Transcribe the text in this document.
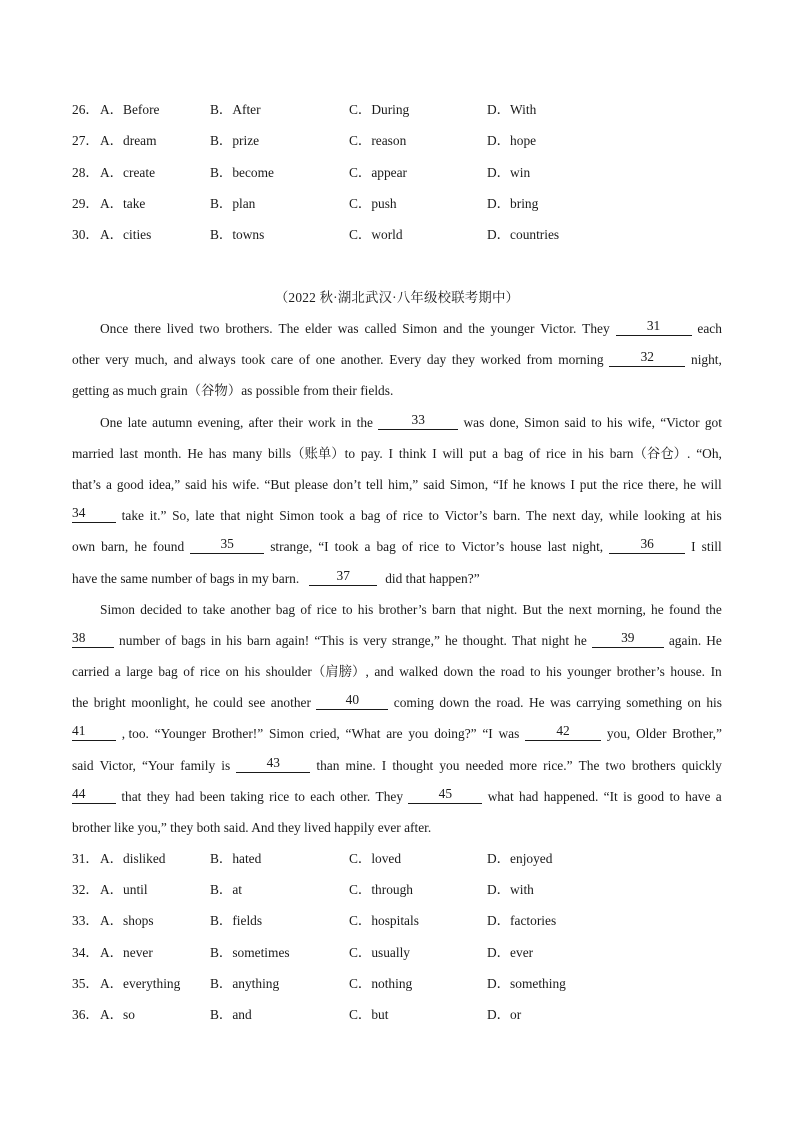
26． A．Before	B．After	C．During	D．With
27． A．dream	B．prize	C．reason	D．hope
28． A．create	B．become	C．appear	D．win
29． A．take	B．plan	C．push	D．bring
30． A．cities	B．towns	C．world	D．countries
（2022 秋·湖北武汉·八年级校联考期中）
Once there lived two brothers. The elder was called Simon and the younger Victor. They	31	each
other very much, and always took care of one another. Every day they worked from morning	32	night,
getting as much grain（谷物）as possible from their fields.
One late autumn evening, after their work in the	33	was done, Simon said to his wife, “Victor got
married last month. He has many bills（账单）to pay. I think I will put a bag of rice in his barn（谷仓）. “Oh,
that’s a good idea,” said his wife. “But please don’t tell him,” said Simon, “If he knows I put the rice there, he will
34	take it.” So, late that night Simon took a bag of rice to Victor’s barn. The next day, while looking at his
own barn, he found	35	strange, “I took a bag of rice to Victor’s house last night,	36	I still
have the same number of bags in my barn.	37	did that happen?”
Simon decided to take another bag of rice to his brother’s barn that night. But the next morning, he found the
38	number of bags in his barn again! “This is very strange,” he thought. That night he	39	again. He
carried a large bag of rice on his shoulder（肩膀）, and walked down the road to his younger brother’s house. In
the bright moonlight, he could see another	40	coming down the road. He was carrying something on his
41	, too. “Younger Brother!” Simon cried, “What are you doing?” “I was	42	you, Older Brother,”
said Victor, “Your family is	43	than mine. I thought you needed more rice.” The two brothers quickly
44	that they had been taking rice to each other. They	45	what had happened. “It is good to have a
brother like you,” they both said. And they lived happily ever after.
31． A．disliked	B．hated	C．loved	D．enjoyed
32． A．until	B．at	C．through	D．with
33． A．shops	B．fields	C．hospitals	D．factories
34． A．never	B．sometimes	C．usually	D．ever
35． A．everything B．anything	C．nothing	D．something
36． A．so	B．and	C．but	D．or
